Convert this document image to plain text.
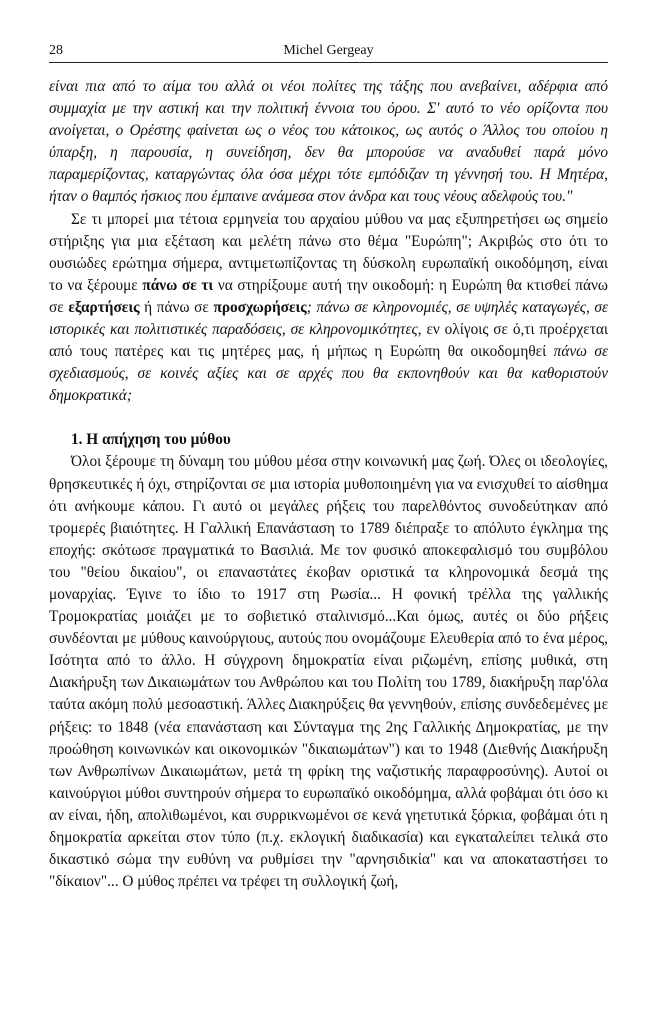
28	Michel Gergeay

είναι πια από το αίμα του αλλά οι νέοι πολίτες της τάξης που ανεβαίνει, αδέρφια από συμμαχία με την αστική και την πολιτική έννοια του όρου. Σ' αυτό το νέο ορίζοντα που ανοίγεται, ο Ορέστης φαίνεται ως ο νέος του κάτοικος, ως αυτός ο Άλλος του οποίου η ύπαρξη, η παρουσία, η συνείδηση, δεν θα μπορούσε να αναδυθεί παρά μόνο παραμερίζοντας, καταργώντας όλα όσα μέχρι τότε εμπόδιζαν τη γέννησή του. Η Μητέρα, ήταν ο θαμπός ήσκιος που έμπαινε ανάμεσα στον άνδρα και τους νέους αδελφούς του."

Σε τι μπορεί μια τέτοια ερμηνεία του αρχαίου μύθου να μας εξυπηρετήσει ως σημείο στήριξης για μια εξέταση και μελέτη πάνω στο θέμα "Ευρώπη"; Ακριβώς στο ότι το ουσιώδες ερώτημα σήμερα, αντιμετωπίζοντας τη δύσκολη ευρωπαϊκή οικοδόμηση, είναι το να ξέρουμε πάνω σε τι να στηρίξουμε αυτή την οικοδομή: η Ευρώπη θα κτισθεί πάνω σε εξαρτήσεις ή πάνω σε προσχωρήσεις; πάνω σε κληρονομιές, σε υψηλές καταγωγές, σε ιστορικές και πολιτιστικές παραδόσεις, σε κληρονομικότητες, εν ολίγοις σε ό,τι προέρχεται από τους πατέρες και τις μητέρες μας, ή μήπως η Ευρώπη θα οικοδομηθεί πάνω σε σχεδιασμούς, σε κοινές αξίες και σε αρχές που θα εκπονηθούν και θα καθοριστούν δημοκρατικά;

1. Η απήχηση του μύθου

Όλοι ξέρουμε τη δύναμη του μύθου μέσα στην κοινωνική μας ζωή. Όλες οι ιδεολογίες, θρησκευτικές ή όχι, στηρίζονται σε μια ιστορία μυθοποιημένη για να ενισχυθεί το αίσθημα ότι ανήκουμε κάπου. Γι αυτό οι μεγάλες ρήξεις του παρελθόντος συνοδεύτηκαν από τρομερές βιαιότητες. Η Γαλλική Επανάσταση το 1789 διέπραξε το απόλυτο έγκλημα της εποχής: σκότωσε πραγματικά το Βασιλιά. Με τον φυσικό αποκεφαλισμό του συμβόλου του "θείου δικαίου", οι επαναστάτες έκοβαν οριστικά τα κληρονομικά δεσμά της μοναρχίας. Έγινε το ίδιο το 1917 στη Ρωσία... Η φονική τρέλλα της γαλλικής Τρομοκρατίας μοιάζει με το σοβιετικό σταλινισμό...Και όμως, αυτές οι δύο ρήξεις συνδέονται με μύθους καινούργιους, αυτούς που ονομάζουμε Ελευθερία από το ένα μέρος, Ισότητα από το άλλο. Η σύγχρονη δημοκρατία είναι ριζωμένη, επίσης μυθικά, στη Διακήρυξη των Δικαιωμάτων του Ανθρώπου και του Πολίτη του 1789, διακήρυξη παρ'όλα ταύτα ακόμη πολύ μεσοαστική. Άλλες Διακηρύξεις θα γεννηθούν, επίσης συνδεδεμένες με ρήξεις: το 1848 (νέα επανάσταση και Σύνταγμα της 2ης Γαλλικής Δημοκρατίας, με την προώθηση κοινωνικών και οικονομικών "δικαιωμάτων") και το 1948 (Διεθνής Διακήρυξη των Ανθρωπίνων Δικαιωμάτων, μετά τη φρίκη της ναζιστικής παραφροσύνης). Αυτοί οι καινούργιοι μύθοι συντηρούν σήμερα το ευρωπαϊκό οικοδόμημα, αλλά φοβάμαι ότι όσο κι αν είναι, ήδη, απολιθωμένοι, και συρρικνωμένοι σε κενά γηετυτικά ξόρκια, φοβάμαι ότι η δημοκρατία αρκείται στον τύπο (π.χ. εκλογική διαδικασία) και εγκαταλείπει τελικά στο δικαστικό σώμα την ευθύνη να ρυθμίσει την "αρνησιδικία" και να αποκαταστήσει το "δίκαιον"... Ο μύθος πρέπει να τρέφει τη συλλογική ζωή,
